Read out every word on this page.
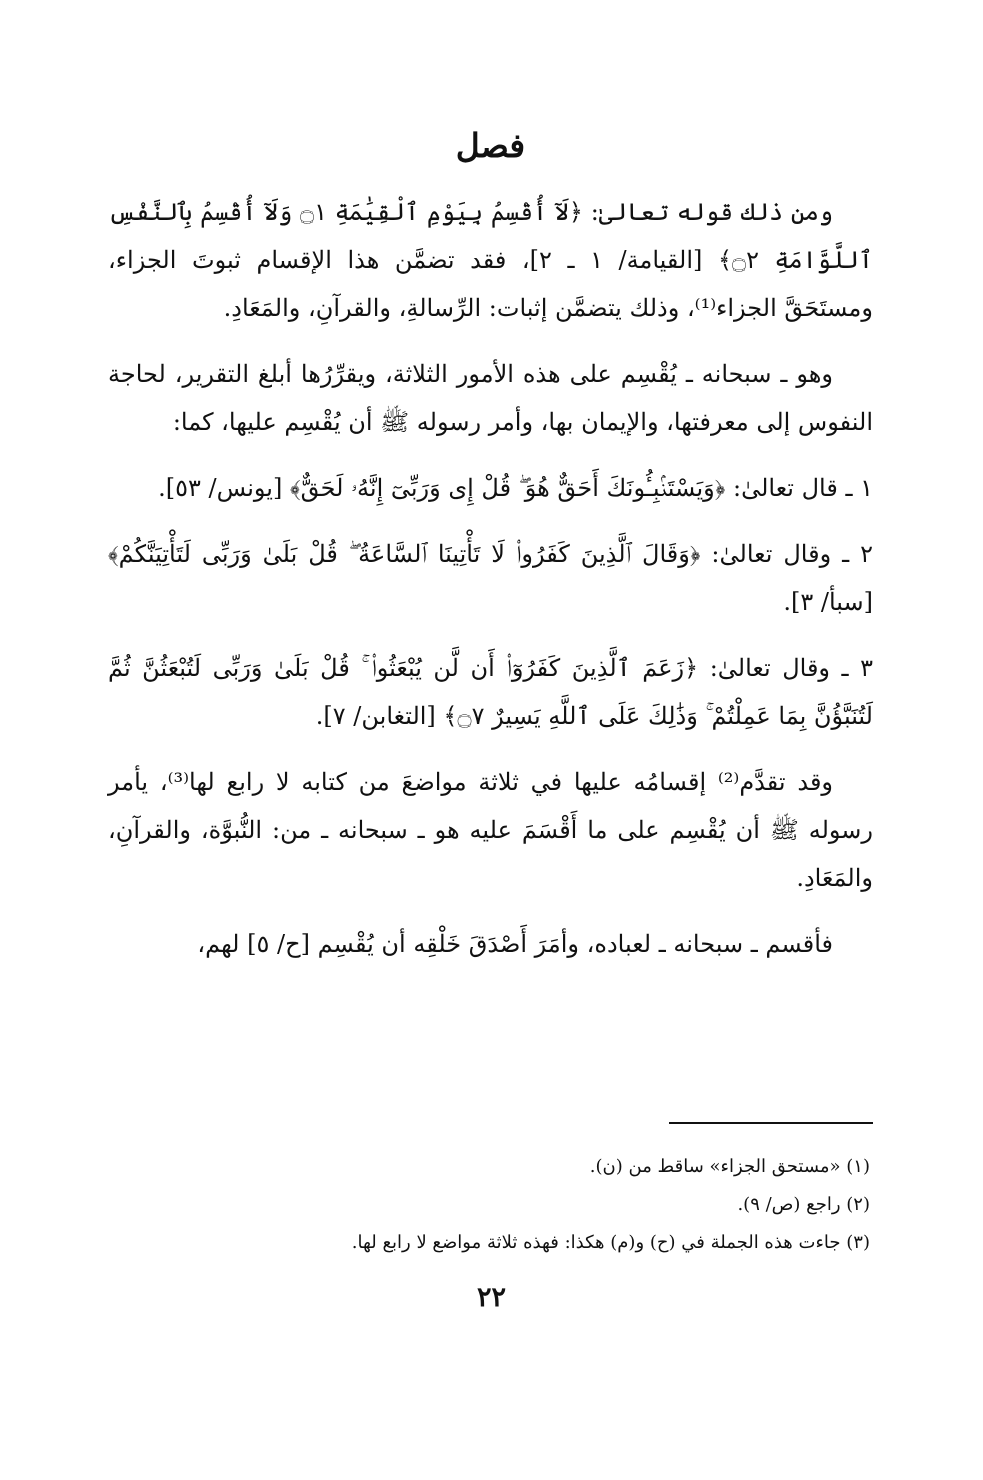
فصل

ومن ذلك قوله تعالىٰ: ﴿لَآ أُقْسِمُ بِيَوْمِ ٱلْقِيَٰمَةِ ۝١ وَلَآ أُقْسِمُ بِٱلنَّفْسِ ٱللَّوَّامَةِ ۝٢﴾ [القيامة/ ١ ـ ٢]، فقد تضمَّن هذا الإقسام ثبوتَ الجزاء، ومستَحَقَّ الجزاء⁽¹⁾، وذلك يتضمَّن إثبات: الرِّسالةِ، والقرآنِ، والمَعَادِ.

وهو ـ سبحانه ـ يُقْسِم على هذه الأمور الثلاثة، ويقرِّرُها أبلغ التقرير، لحاجة النفوس إلى معرفتها، والإيمان بها، وأمر رسوله ﷺ أن يُقْسِم عليها، كما:

١ ـ قال تعالىٰ: ﴿وَيَسْتَنۢبِـُٔونَكَ أَحَقٌّ هُوَ ۖ قُلْ إِى وَرَبِّىٓ إِنَّهُۥ لَحَقٌّ﴾ [يونس/ ٥٣].

٢ ـ وقال تعالىٰ: ﴿وَقَالَ ٱلَّذِينَ كَفَرُوا۟ لَا تَأْتِينَا ٱلسَّاعَةُ ۖ قُلْ بَلَىٰ وَرَبِّى لَتَأْتِيَنَّكُمْ﴾ [سبأ/ ٣].

٣ ـ وقال تعالىٰ: ﴿زَعَمَ ٱلَّذِينَ كَفَرُوٓا۟ أَن لَّن يُبْعَثُوا۟ ۚ قُلْ بَلَىٰ وَرَبِّى لَتُبْعَثُنَّ ثُمَّ لَتُنَبَّؤُنَّ بِمَا عَمِلْتُمْ ۚ وَذَٰلِكَ عَلَى ٱللَّهِ يَسِيرٌ ۝٧﴾ [التغابن/ ٧].

وقد تقدَّم⁽²⁾ إقسامُه عليها في ثلاثة مواضعَ من كتابه لا رابع لها⁽³⁾، يأمر رسوله ﷺ أن يُقْسِم على ما أَقْسَمَ عليه هو ـ سبحانه ـ من: النُّبوَّة، والقرآنِ، والمَعَادِ.

فأقسم ـ سبحانه ـ لعباده، وأمَرَ أَصْدَقَ خَلْقِه أن يُقْسِم [ح/ ٥] لهم،

(١) «مستحق الجزاء» ساقط من (ن).
(٢) راجع (ص/ ٩).
(٣) جاءت هذه الجملة في (ح) و(م) هكذا: فهذه ثلاثة مواضع لا رابع لها.
٢٢
